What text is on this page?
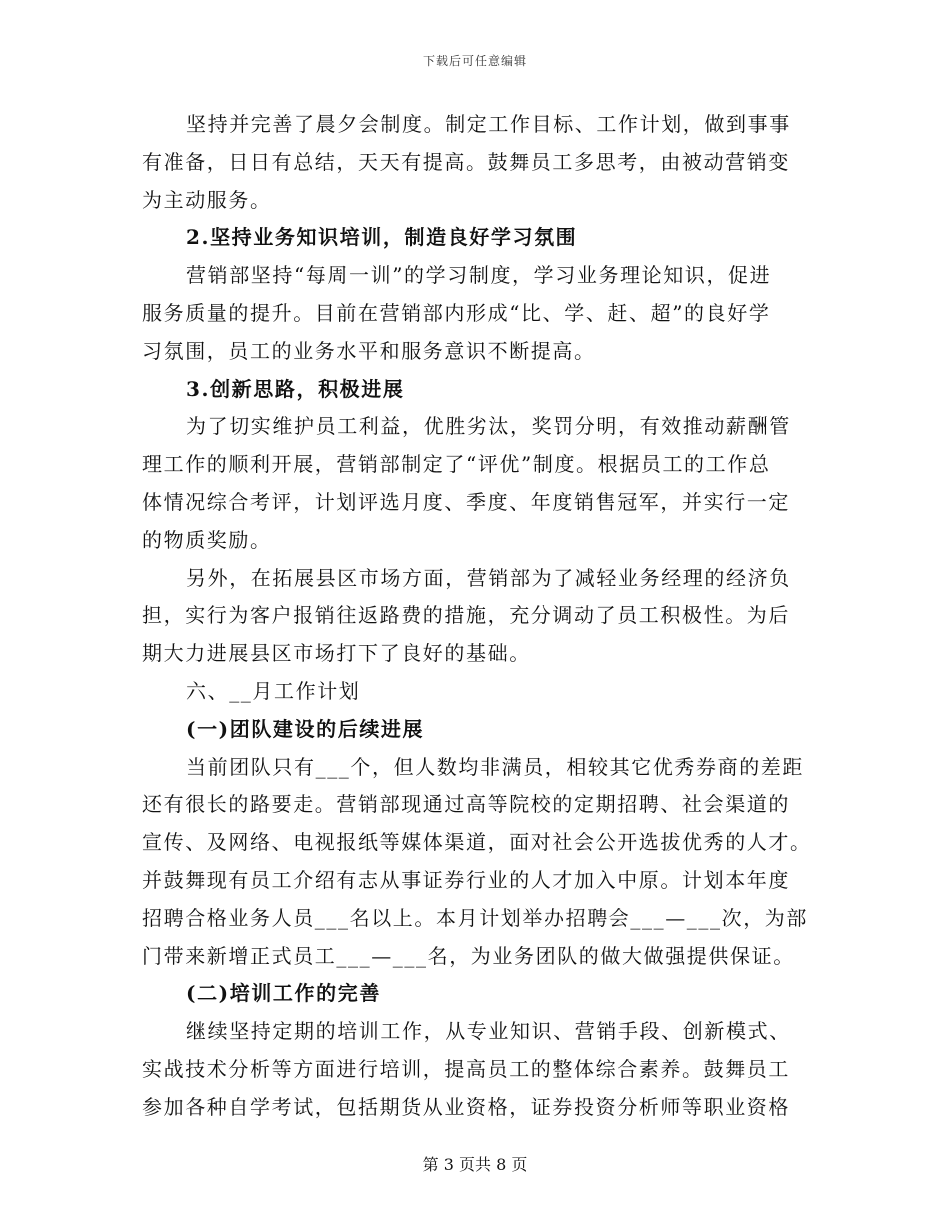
下载后可任意编辑
坚持并完善了晨夕会制度。制定工作目标、工作计划，做到事事
有准备，日日有总结，天天有提高。鼓舞员工多思考，由被动营销变
为主动服务。
2.坚持业务知识培训，制造良好学习氛围
营销部坚持“每周一训”的学习制度，学习业务理论知识，促进
服务质量的提升。目前在营销部内形成“比、学、赶、超”的良好学
习氛围，员工的业务水平和服务意识不断提高。
3.创新思路，积极进展
为了切实维护员工利益，优胜劣汰，奖罚分明，有效推动薪酬管
理工作的顺利开展，营销部制定了“评优”制度。根据员工的工作总
体情况综合考评，计划评选月度、季度、年度销售冠军，并实行一定
的物质奖励。
另外，在拓展县区市场方面，营销部为了减轻业务经理的经济负
担，实行为客户报销往返路费的措施，充分调动了员工积极性。为后
期大力进展县区市场打下了良好的基础。
六、__月工作计划
(一)团队建设的后续进展
当前团队只有___个，但人数均非满员，相较其它优秀券商的差距
还有很长的路要走。营销部现通过高等院校的定期招聘、社会渠道的
宣传、及网络、电视报纸等媒体渠道，面对社会公开选拔优秀的人才。
并鼓舞现有员工介绍有志从事证券行业的人才加入中原。计划本年度
招聘合格业务人员___名以上。本月计划举办招聘会___—___次，为部
门带来新增正式员工___—___名，为业务团队的做大做强提供保证。
(二)培训工作的完善
继续坚持定期的培训工作，从专业知识、营销手段、创新模式、
实战技术分析等方面进行培训，提高员工的整体综合素养。鼓舞员工
参加各种自学考试，包括期货从业资格，证券投资分析师等职业资格
第 3 页共 8 页
